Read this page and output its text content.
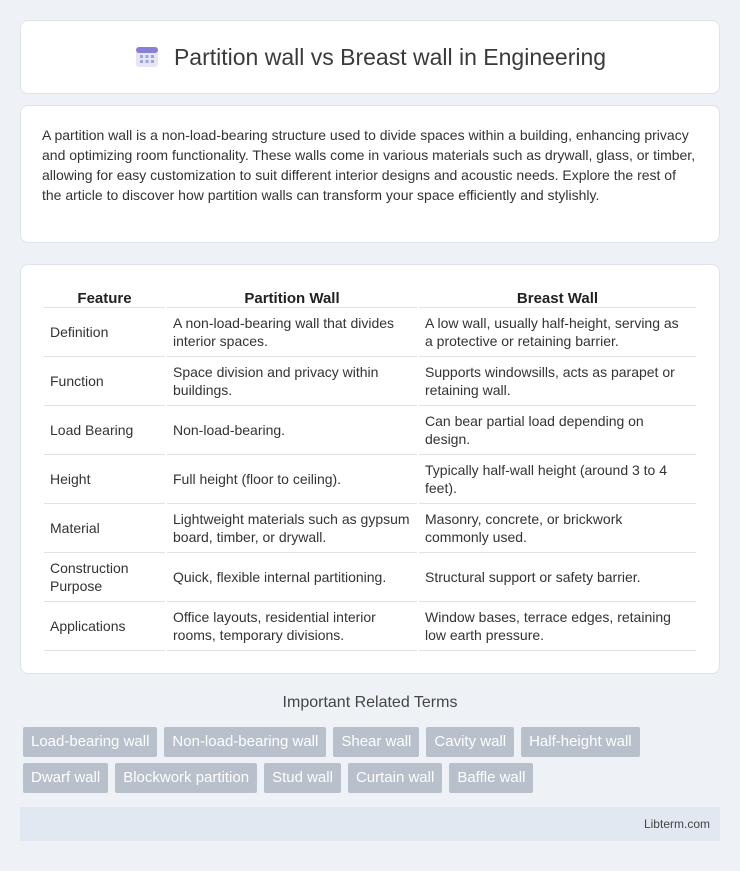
Partition wall vs Breast wall in Engineering

A partition wall is a non-load-bearing structure used to divide spaces within a building, enhancing privacy and optimizing room functionality. These walls come in various materials such as drywall, glass, or timber, allowing for easy customization to suit different interior designs and acoustic needs. Explore the rest of the article to discover how partition walls can transform your space efficiently and stylishly.

Feature	Partition Wall	Breast Wall
Definition	A non-load-bearing wall that divides interior spaces.	A low wall, usually half-height, serving as a protective or retaining barrier.
Function	Space division and privacy within buildings.	Supports windowsills, acts as parapet or retaining wall.
Load Bearing	Non-load-bearing.	Can bear partial load depending on design.
Height	Full height (floor to ceiling).	Typically half-wall height (around 3 to 4 feet).
Material	Lightweight materials such as gypsum board, timber, or drywall.	Masonry, concrete, or brickwork commonly used.
Construction Purpose	Quick, flexible internal partitioning.	Structural support or safety barrier.
Applications	Office layouts, residential interior rooms, temporary divisions.	Window bases, terrace edges, retaining low earth pressure.
Important Related Terms
Load-bearing wall	Non-load-bearing wall	Shear wall	Cavity wall	Half-height wall
Dwarf wall	Blockwork partition	Stud wall	Curtain wall	Baffle wall
Libterm.com
